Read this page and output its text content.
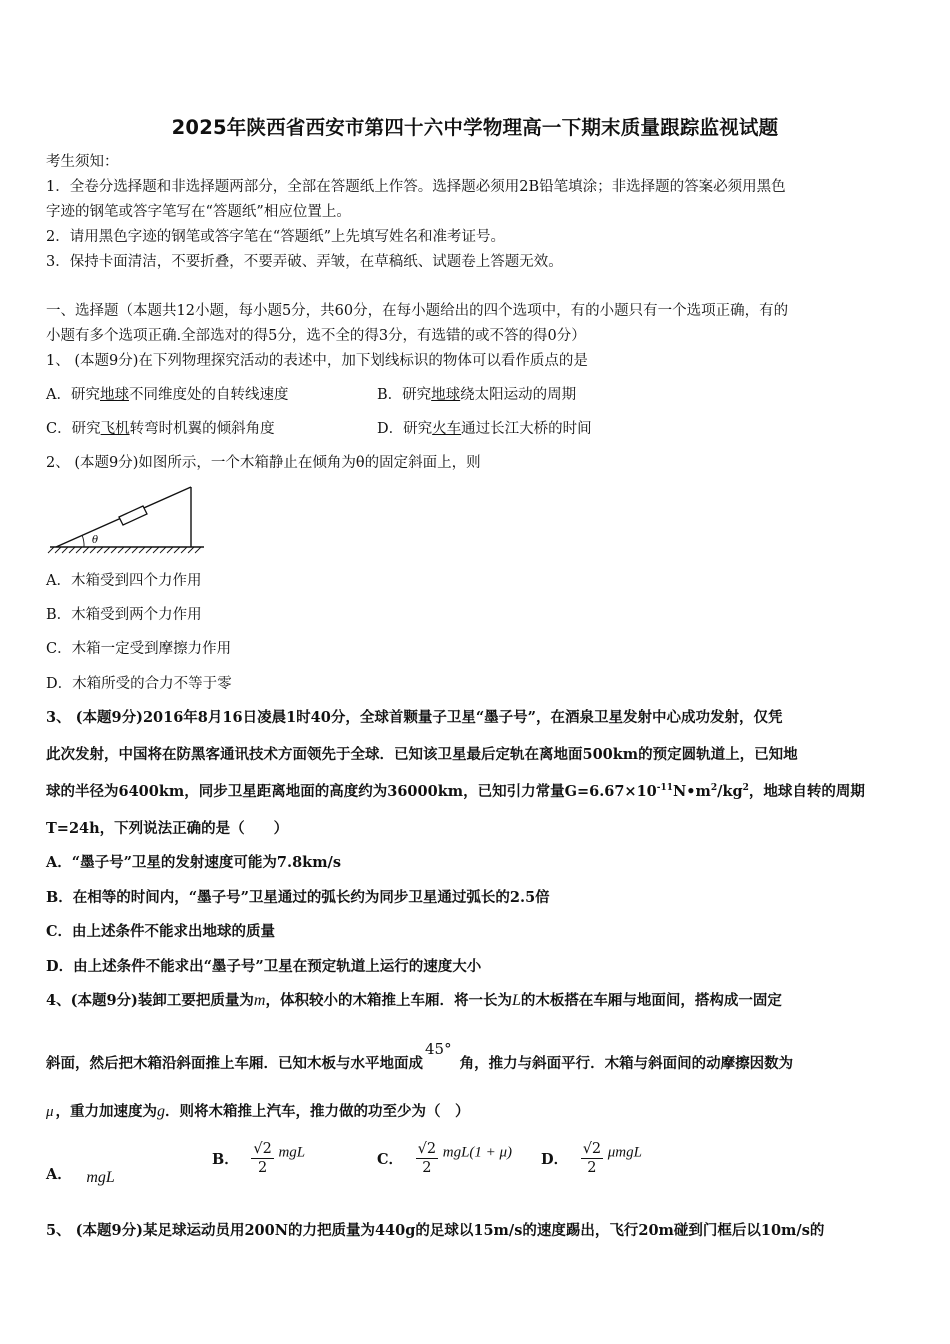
2025年陕西省西安市第四十六中学物理高一下期末质量跟踪监视试题
考生须知：
1．全卷分选择题和非选择题两部分，全部在答题纸上作答。选择题必须用2B铅笔填涂；非选择题的答案必须用黑色
字迹的钢笔或答字笔写在“答题纸”相应位置上。
2．请用黑色字迹的钢笔或答字笔在“答题纸”上先填写姓名和准考证号。
3．保持卡面清洁，不要折叠，不要弄破、弄皱，在草稿纸、试题卷上答题无效。
一、选择题（本题共12小题，每小题5分，共60分，在每小题给出的四个选项中，有的小题只有一个选项正确，有的
小题有多个选项正确.全部选对的得5分，选不全的得3分，有选错的或不答的得0分）
1、 (本题9分)在下列物理探究活动的表述中，加下划线标识的物体可以看作质点的是
A．研究地球不同维度处的自转线速度	B．研究地球绕太阳运动的周期
C．研究飞机转弯时机翼的倾斜角度	D．研究火车通过长江大桥的时间
2、 (本题9分)如图所示，一个木箱静止在倾角为θ的固定斜面上，则
θ
A．木箱受到四个力作用
B．木箱受到两个力作用
C．木箱一定受到摩擦力作用
D．木箱所受的合力不等于零
3、 (本题9分)2016年8月16日凌晨1时40分，全球首颗量子卫星“墨子号”，在酒泉卫星发射中心成功发射，仅凭
此次发射，中国将在防黑客通讯技术方面领先于全球．已知该卫星最后定轨在离地面500km的预定圆轨道上，已知地
球的半径为6400km，同步卫星距离地面的高度约为36000km，已知引力常量$G=6.67\times 10^{-11}N•m^2/kg^2$，地球自转的周期
T=24h，下列说法正确的是（　　）
A．“墨子号”卫星的发射速度可能为7.8km/s
B．在相等的时间内，“墨子号”卫星通过的弧长约为同步卫星通过弧长的2.5倍
C．由上述条件不能求出地球的质量
D．由上述条件不能求出“墨子号”卫星在预定轨道上运行的速度大小
4、(本题9分)装卸工要把质量为m，体积较小的木箱推上车厢．将一长为L的木板搭在车厢与地面间，搭构成一固定
斜面，然后把木箱沿斜面推上车厢．已知木板与水平地面成45°角，推力与斜面平行．木箱与斜面间的动摩擦因数为
μ ，重力加速度为g．则将木箱推上汽车，推力做的功至少为（　）
A． mgL
B． $\frac{√2}{2}$ mgL	C． $\frac{√2}{2} mgL(1 + \mu)$ D． $\frac{√2}{2}$ μmgL
5、 (本题9分)某足球运动员用200N的力把质量为440g的足球以15m/s的速度踢出，飞行20m碰到门框后以10m/s的
